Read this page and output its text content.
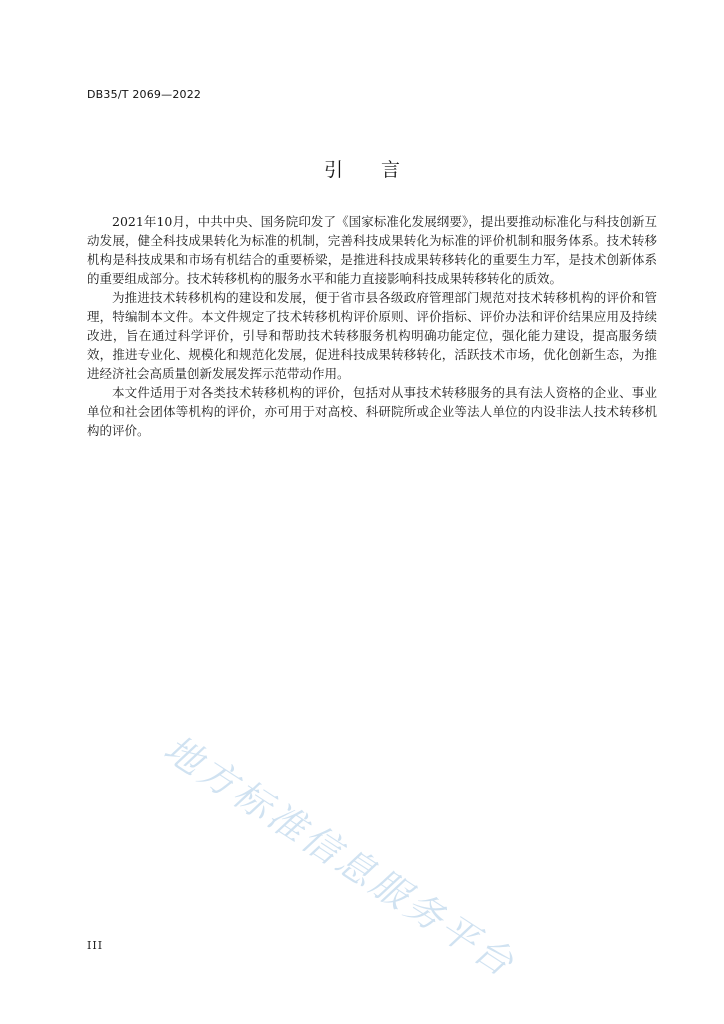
DB35/T 2069—2022
引言

2021年10月，中共中央、国务院印发了《国家标准化发展纲要》，提出要推动标准化与科技创新互动发展，健全科技成果转化为标准的机制，完善科技成果转化为标准的评价机制和服务体系。技术转移机构是科技成果和市场有机结合的重要桥梁，是推进科技成果转移转化的重要生力军，是技术创新体系的重要组成部分。技术转移机构的服务水平和能力直接影响科技成果转移转化的质效。

为推进技术转移机构的建设和发展，便于省市县各级政府管理部门规范对技术转移机构的评价和管理，特编制本文件。本文件规定了技术转移机构评价原则、评价指标、评价办法和评价结果应用及持续改进，旨在通过科学评价，引导和帮助技术转移服务机构明确功能定位，强化能力建设，提高服务绩效，推进专业化、规模化和规范化发展，促进科技成果转移转化，活跃技术市场，优化创新生态，为推进经济社会高质量创新发展发挥示范带动作用。

本文件适用于对各类技术转移机构的评价，包括对从事技术转移服务的具有法人资格的企业、事业单位和社会团体等机构的评价，亦可用于对高校、科研院所或企业等法人单位的内设非法人技术转移机构的评价。

地方标准信息服务平台
III
